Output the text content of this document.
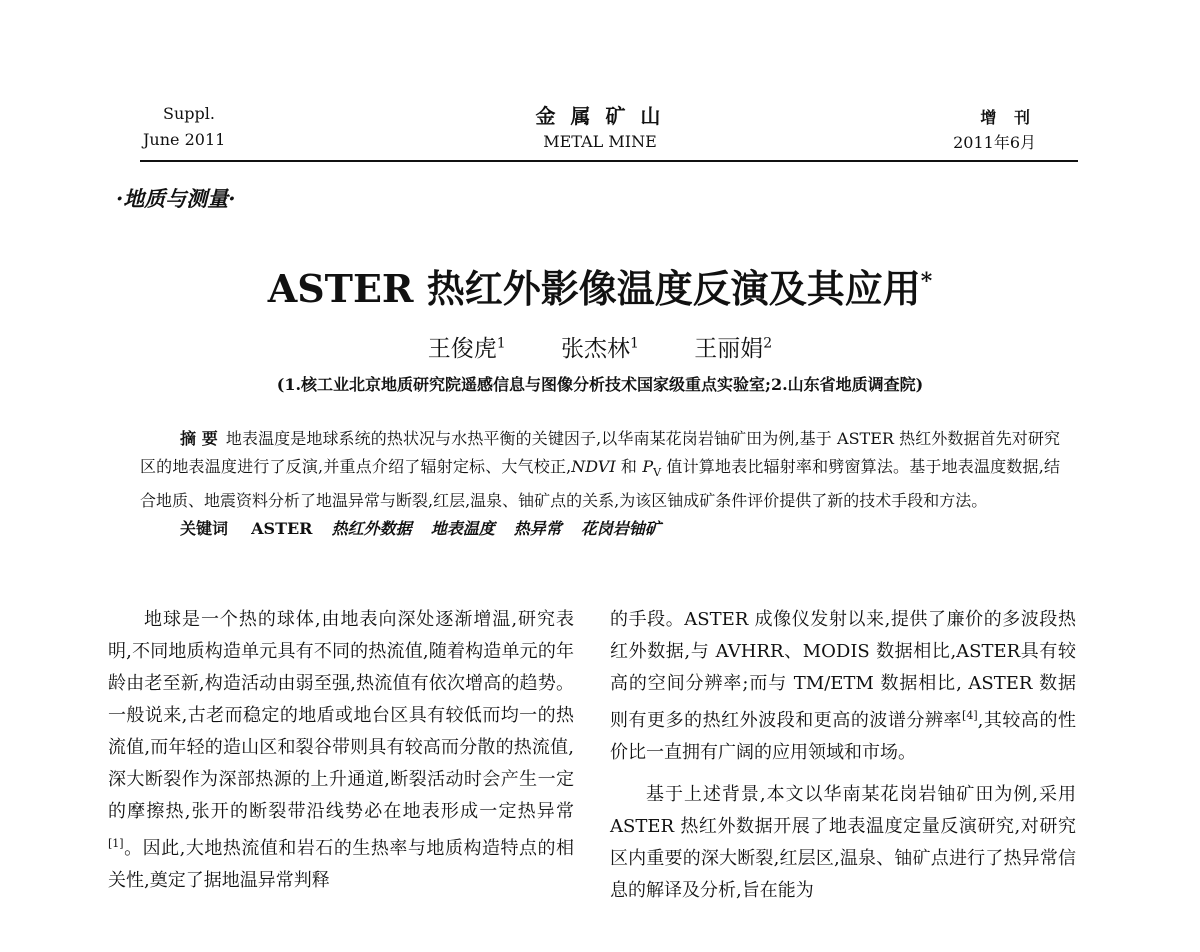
Suppl.
June 2011
金 属 矿 山
METAL MINE
增 刊
2011年6月
·地质与测量·
ASTER 热红外影像温度反演及其应用*
王俊虎$^1$ 张杰林$^1$ 王丽娟$^2$
(1.核工业北京地质研究院遥感信息与图像分析技术国家级重点实验室;2.山东省地质调查院)

摘 要 地表温度是地球系统的热状况与水热平衡的关键因子,以华南某花岗岩铀矿田为例,基于 ASTER 热红外数据首先对研究区的地表温度进行了反演,并重点介绍了辐射定标、大气校正,NDVI 和 $P_V$ 值计算地表比辐射率和劈窗算法。基于地表温度数据,结合地质、地震资料分析了地温异常与断裂,红层,温泉、铀矿点的关系,为该区铀成矿条件评价提供了新的技术手段和方法。

关键词 ASTER 热红外数据 地表温度 热异常 花岗岩铀矿

地球是一个热的球体,由地表向深处逐渐增温,研究表明,不同地质构造单元具有不同的热流值,随着构造单元的年龄由老至新,构造活动由弱至强,热流值有依次增高的趋势。一般说来,古老而稳定的地盾或地台区具有较低而均一的热流值,而年轻的造山区和裂谷带则具有较高而分散的热流值,深大断裂作为深部热源的上升通道,断裂活动时会产生一定的摩擦热,张开的断裂带沿线势必在地表形成一定热异常[1]。因此,大地热流值和岩石的生热率与地质构造特点的相关性,奠定了据地温异常判释

的手段。ASTER 成像仪发射以来,提供了廉价的多波段热红外数据,与 AVHRR、MODIS 数据相比,ASTER具有较高的空间分辨率;而与 TM/ETM 数据相比, ASTER 数据则有更多的热红外波段和更高的波谱分辨率[4],其较高的性价比一直拥有广阔的应用领域和市场。

基于上述背景,本文以华南某花岗岩铀矿田为例,采用 ASTER 热红外数据开展了地表温度定量反演研究,对研究区内重要的深大断裂,红层区,温泉、铀矿点进行了热异常信息的解译及分析,旨在能为
